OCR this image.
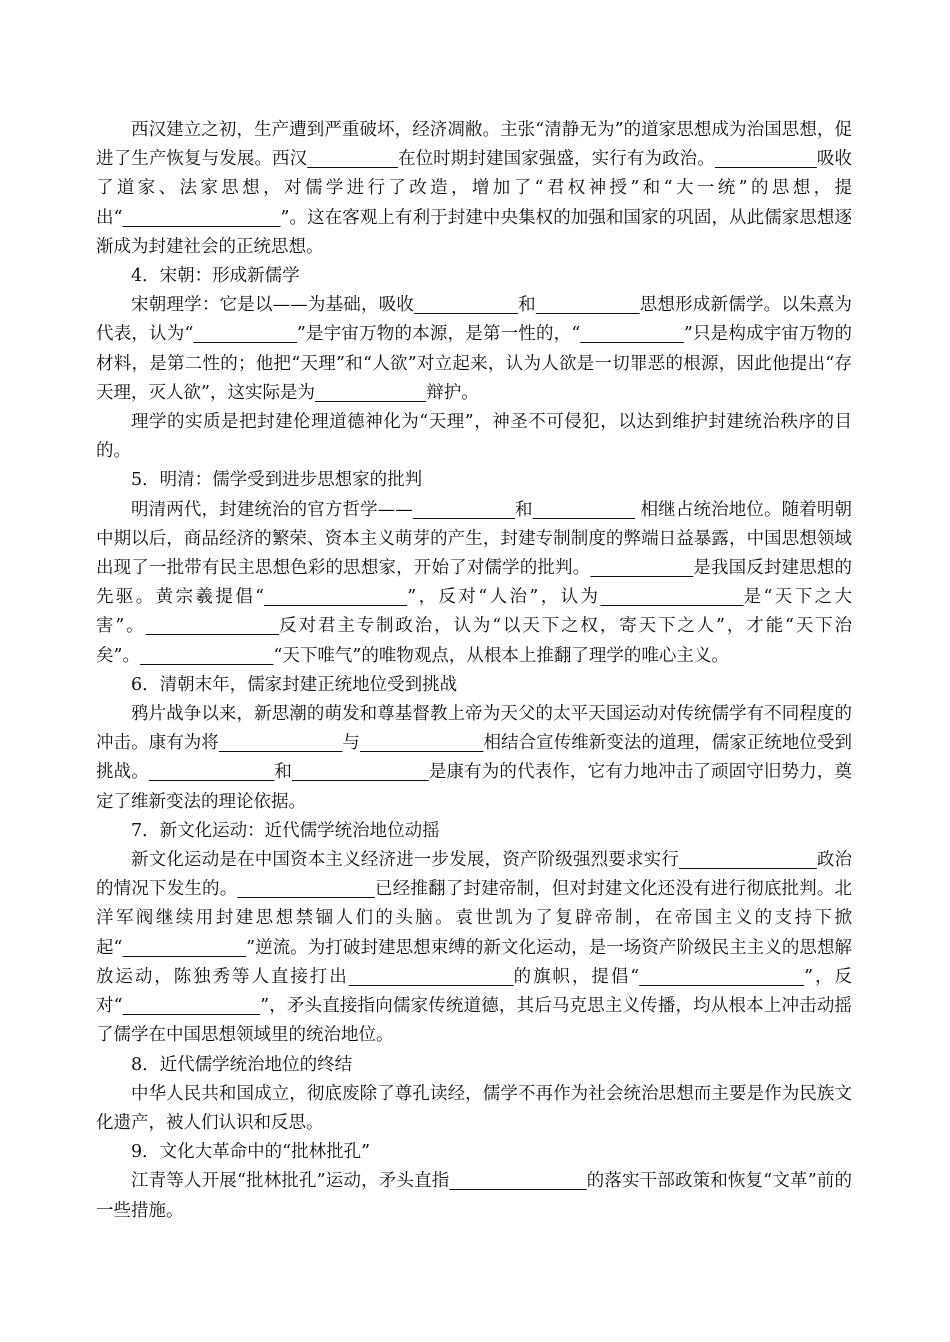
西汉建立之初，生产遭到严重破坏，经济凋敝。主张“清静无为”的道家思想成为治国思想，促进了生产恢复与发展。西汉	在位时期封建国家强盛，实行有为政治。	吸收了道家、法家思想，对儒学进行了改造，增加了“君权神授”和“大一统”的思想，提出“	”。这在客观上有利于封建中央集权的加强和国家的巩固，从此儒家思想逐渐成为封建社会的正统思想。

4．宋朝：形成新儒学

宋朝理学：它是以——为基础，吸收	和	思想形成新儒学。以朱熹为代表，认为“	”是宇宙万物的本源，是第一性的，“	”只是构成宇宙万物的材料，是第二性的；他把“天理”和“人欲”对立起来，认为人欲是一切罪恶的根源，因此他提出“存天理，灭人欲”，这实际是为	辩护。

理学的实质是把封建伦理道德神化为“天理”，神圣不可侵犯，以达到维护封建统治秩序的目的。

5．明清：儒学受到进步思想家的批判

明清两代，封建统治的官方哲学——	和	相继占统治地位。随着明朝中期以后，商品经济的繁荣、资本主义萌芽的产生，封建专制制度的弊端日益暴露，中国思想领域出现了一批带有民主思想色彩的思想家，开始了对儒学的批判。	是我国反封建思想的先驱。黄宗羲提倡“	”，反对“人治”，认为	是“天下之大害”。	反对君主专制政治，认为“以天下之权，寄天下之人”，才能“天下治矣”。	“天下唯气”的唯物观点，从根本上推翻了理学的唯心主义。

6．清朝末年，儒家封建正统地位受到挑战

鸦片战争以来，新思潮的萌发和尊基督教上帝为天父的太平天国运动对传统儒学有不同程度的冲击。康有为将	与	相结合宣传维新变法的道理，儒家正统地位受到挑战。	和	是康有为的代表作，它有力地冲击了顽固守旧势力，奠定了维新变法的理论依据。

7．新文化运动：近代儒学统治地位动摇

新文化运动是在中国资本主义经济进一步发展，资产阶级强烈要求实行	政治的情况下发生的。	已经推翻了封建帝制，但对封建文化还没有进行彻底批判。北洋军阀继续用封建思想禁锢人们的头脑。袁世凯为了复辟帝制，在帝国主义的支持下掀起“	”逆流。为打破封建思想束缚的新文化运动，是一场资产阶级民主主义的思想解放运动，陈独秀等人直接打出	的旗帜，提倡“	”，反对“	”，矛头直接指向儒家传统道德，其后马克思主义传播，均从根本上冲击动摇了儒学在中国思想领域里的统治地位。

8．近代儒学统治地位的终结

中华人民共和国成立，彻底废除了尊孔读经，儒学不再作为社会统治思想而主要是作为民族文化遗产，被人们认识和反思。

9．文化大革命中的“批林批孔”

江青等人开展“批林批孔”运动，矛头直指	的落实干部政策和恢复“文革”前的一些措施。
